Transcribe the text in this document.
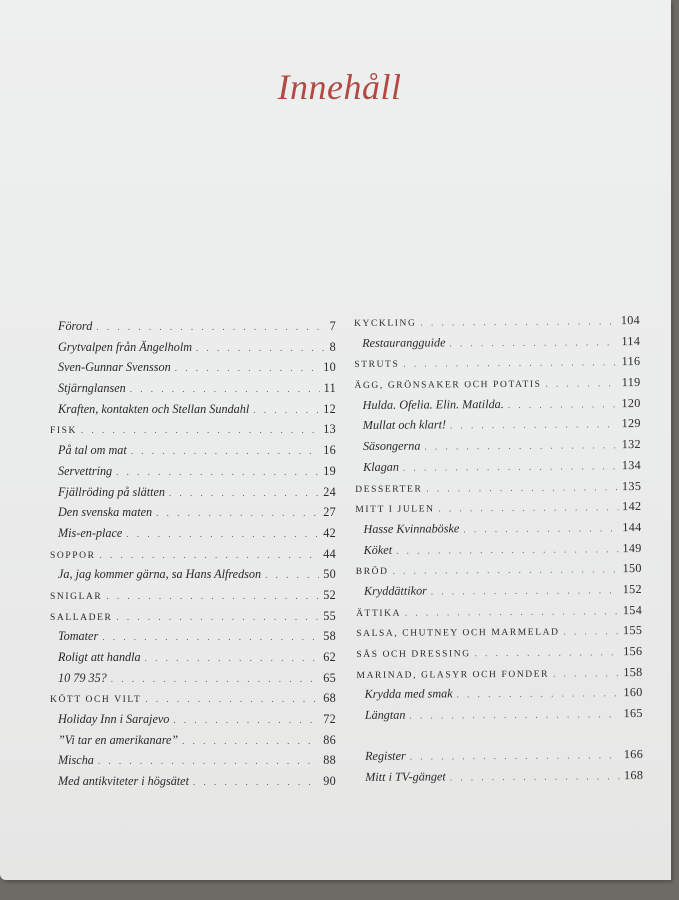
Innehåll
Förord . . .	7
Grytvalpen från Ängelholm . . .	8
Sven-Gunnar Svensson . . .	10
Stjärnglansen . . .	11
Kraften, kontakten och Stellan Sundahl . . .	12
FISK . . .	13
På tal om mat . . .	16
Servettring . . .	19
Fjällröding på slätten . . .	24
Den svenska maten . . .	27
Mis-en-place . . .	42
SOPPOR . . .	44
Ja, jag kommer gärna, sa Hans Alfredson . . .	50
SNIGLAR . . .	52
SALLADER . . .	55
Tomater . . .	58
Roligt att handla . . .	62
10 79 35? . . .	65
KÖTT OCH VILT . . .	68
Holiday Inn i Sarajevo . . .	72
”Vi tar en amerikanare” . . .	86
Mischa . . .	88
Med antikviteter i högsätet . . .	90
KYCKLING . . .	104
Restaurangguide . . .	114
STRUTS . . .	116
ÄGG, GRÖNSAKER OCH POTATIS . . .	119
Hulda. Ofelia. Elin. Matilda. . . .	120
Mullat och klart! . . .	129
Säsongerna . . .	132
Klagan . . .	134
DESSERTER . . .	135
MITT I JULEN . . .	142
Hasse Kvinnaböske . . .	144
Köket . . .	149
BRÖD . . .	150
Kryddättikor . . .	152
ÄTTIKA . . .	154
SALSA, CHUTNEY OCH MARMELAD . . .	155
SÅS OCH DRESSING . . .	156
MARINAD, GLASYR OCH FONDER . . .	158
Krydda med smak . . .	160
Längtan . . .	165
Register . . .	166
Mitt i TV-gänget . . .	168
